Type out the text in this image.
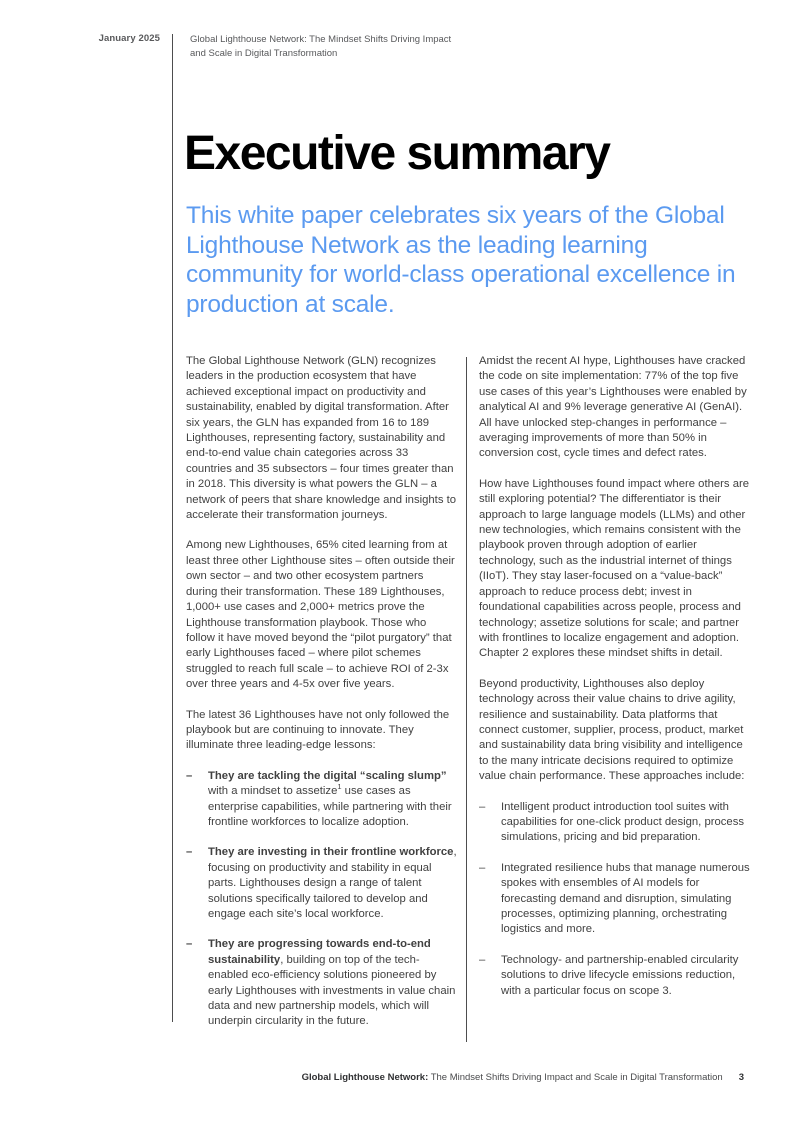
January 2025	Global Lighthouse Network: The Mindset Shifts Driving Impact
and Scale in Digital Transformation
Executive summary
This white paper celebrates six years of the Global Lighthouse Network as the leading learning community for world-class operational excellence in production at scale.
The Global Lighthouse Network (GLN) recognizes leaders in the production ecosystem that have achieved exceptional impact on productivity and sustainability, enabled by digital transformation. After six years, the GLN has expanded from 16 to 189 Lighthouses, representing factory, sustainability and end-to-end value chain categories across 33 countries and 35 subsectors – four times greater than in 2018. This diversity is what powers the GLN – a network of peers that share knowledge and insights to accelerate their transformation journeys.
Among new Lighthouses, 65% cited learning from at least three other Lighthouse sites – often outside their own sector – and two other ecosystem partners during their transformation. These 189 Lighthouses, 1,000+ use cases and 2,000+ metrics prove the Lighthouse transformation playbook. Those who follow it have moved beyond the “pilot purgatory” that early Lighthouses faced – where pilot schemes struggled to reach full scale – to achieve ROI of 2-3x over three years and 4-5x over five years.
The latest 36 Lighthouses have not only followed the playbook but are continuing to innovate. They illuminate three leading-edge lessons:
–	They are tackling the digital “scaling slump” with a mindset to assetize$^1$ use cases as enterprise capabilities, while partnering with their frontline workforces to localize adoption.
–	They are investing in their frontline workforce, focusing on productivity and stability in equal parts. Lighthouses design a range of talent solutions specifically tailored to develop and engage each site’s local workforce.
–	They are progressing towards end-to-end sustainability, building on top of the tech-enabled eco-efficiency solutions pioneered by early Lighthouses with investments in value chain data and new partnership models, which will underpin circularity in the future.
Amidst the recent AI hype, Lighthouses have cracked the code on site implementation: 77% of the top five use cases of this year’s Lighthouses were enabled by analytical AI and 9% leverage generative AI (GenAI). All have unlocked step-changes in performance – averaging improvements of more than 50% in conversion cost, cycle times and defect rates.
How have Lighthouses found impact where others are still exploring potential? The differentiator is their approach to large language models (LLMs) and other new technologies, which remains consistent with the playbook proven through adoption of earlier technology, such as the industrial internet of things (IIoT). They stay laser-focused on a “value-back” approach to reduce process debt; invest in foundational capabilities across people, process and technology; assetize solutions for scale; and partner with frontlines to localize engagement and adoption. Chapter 2 explores these mindset shifts in detail.
Beyond productivity, Lighthouses also deploy technology across their value chains to drive agility, resilience and sustainability. Data platforms that connect customer, supplier, process, product, market and sustainability data bring visibility and intelligence to the many intricate decisions required to optimize value chain performance. These approaches include:
–	Intelligent product introduction tool suites with capabilities for one-click product design, process simulations, pricing and bid preparation.
–	Integrated resilience hubs that manage numerous spokes with ensembles of AI models for forecasting demand and disruption, simulating processes, optimizing planning, orchestrating logistics and more.
–	Technology- and partnership-enabled circularity solutions to drive lifecycle emissions reduction, with a particular focus on scope 3.
Global Lighthouse Network: The Mindset Shifts Driving Impact and Scale in Digital Transformation 3
